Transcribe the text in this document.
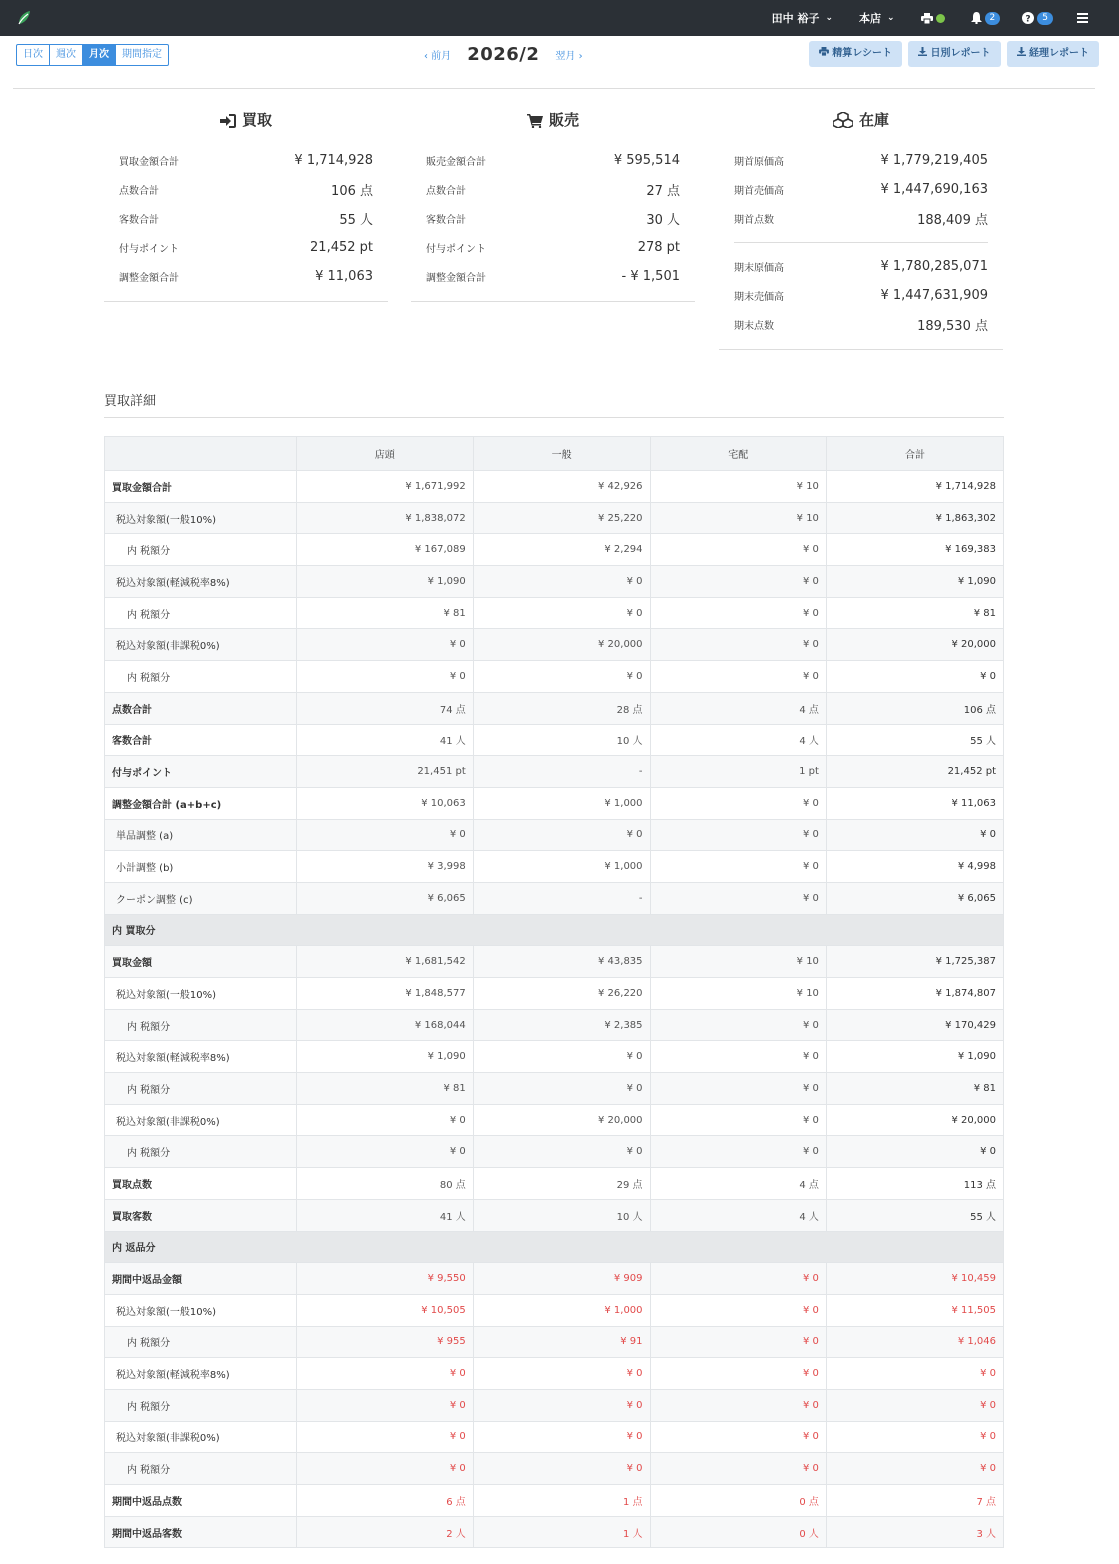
田中 裕子 ⌄ 本店 ⌄	2	?	5
日次	週次	月次	期間指定	‹ 前月 2026/2 翌月 ›	精算レシート	日別レポート	経理レポート
買取
買取金額合計	¥ 1,714,928
点数合計	106 点
客数合計	55 人
付与ポイント	21,452 pt
調整金額合計	¥ 11,063
販売
販売金額合計	¥ 595,514
点数合計	27 点
客数合計	30 人
付与ポイント	278 pt
調整金額合計	- ¥ 1,501
在庫
期首原価高	¥ 1,779,219,405
期首売価高	¥ 1,447,690,163
期首点数	188,409 点
期末原価高	¥ 1,780,285,071
期末売価高	¥ 1,447,631,909
期末点数	189,530 点
買取詳細
	店頭	一般	宅配	合計
買取金額合計	¥ 1,671,992	¥ 42,926	¥ 10	¥ 1,714,928
税込対象額(一般10%)	¥ 1,838,072	¥ 25,220	¥ 10	¥ 1,863,302
内 税額分	¥ 167,089	¥ 2,294	¥ 0	¥ 169,383
税込対象額(軽減税率8%)	¥ 1,090	¥ 0	¥ 0	¥ 1,090
内 税額分	¥ 81	¥ 0	¥ 0	¥ 81
税込対象額(非課税0%)	¥ 0	¥ 20,000	¥ 0	¥ 20,000
内 税額分	¥ 0	¥ 0	¥ 0	¥ 0
点数合計	74 点	28 点	4 点	106 点
客数合計	41 人	10 人	4 人	55 人
付与ポイント	21,451 pt	-	1 pt	21,452 pt
調整金額合計 (a+b+c)	¥ 10,063	¥ 1,000	¥ 0	¥ 11,063
単品調整 (a)	¥ 0	¥ 0	¥ 0	¥ 0
小計調整 (b)	¥ 3,998	¥ 1,000	¥ 0	¥ 4,998
クーポン調整 (c)	¥ 6,065	-	¥ 0	¥ 6,065
内 買取分				
買取金額	¥ 1,681,542	¥ 43,835	¥ 10	¥ 1,725,387
税込対象額(一般10%)	¥ 1,848,577	¥ 26,220	¥ 10	¥ 1,874,807
内 税額分	¥ 168,044	¥ 2,385	¥ 0	¥ 170,429
税込対象額(軽減税率8%)	¥ 1,090	¥ 0	¥ 0	¥ 1,090
内 税額分	¥ 81	¥ 0	¥ 0	¥ 81
税込対象額(非課税0%)	¥ 0	¥ 20,000	¥ 0	¥ 20,000
内 税額分	¥ 0	¥ 0	¥ 0	¥ 0
買取点数	80 点	29 点	4 点	113 点
買取客数	41 人	10 人	4 人	55 人
内 返品分				
期間中返品金額	¥ 9,550	¥ 909	¥ 0	¥ 10,459
税込対象額(一般10%)	¥ 10,505	¥ 1,000	¥ 0	¥ 11,505
内 税額分	¥ 955	¥ 91	¥ 0	¥ 1,046
税込対象額(軽減税率8%)	¥ 0	¥ 0	¥ 0	¥ 0
内 税額分	¥ 0	¥ 0	¥ 0	¥ 0
税込対象額(非課税0%)	¥ 0	¥ 0	¥ 0	¥ 0
内 税額分	¥ 0	¥ 0	¥ 0	¥ 0
期間中返品点数	6 点	1 点	0 点	7 点
期間中返品客数	2 人	1 人	0 人	3 人
